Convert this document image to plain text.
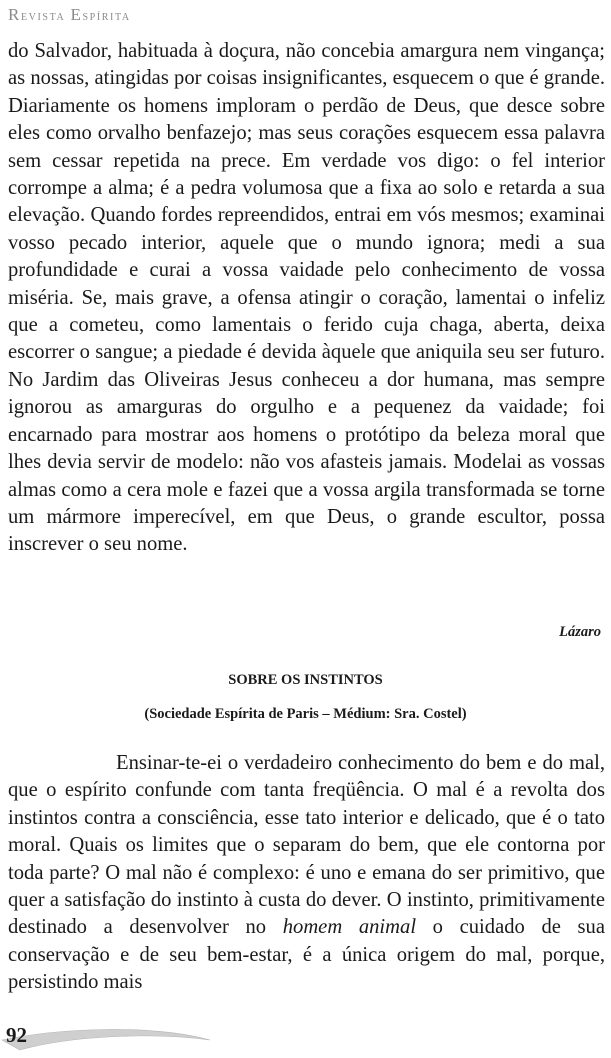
Revista Espírita

do Salvador, habituada à doçura, não concebia amargura nem vingança; as nossas, atingidas por coisas insignificantes, esquecem o que é grande. Diariamente os homens imploram o perdão de Deus, que desce sobre eles como orvalho benfazejo; mas seus corações esquecem essa palavra sem cessar repetida na prece. Em verdade vos digo: o fel interior corrompe a alma; é a pedra volumosa que a fixa ao solo e retarda a sua elevação. Quando fordes repreendidos, entrai em vós mesmos; examinai vosso pecado interior, aquele que o mundo ignora; medi a sua profundidade e curai a vossa vaidade pelo conhecimento de vossa miséria. Se, mais grave, a ofensa atingir o coração, lamentai o infeliz que a cometeu, como lamentais o ferido cuja chaga, aberta, deixa escorrer o sangue; a piedade é devida àquele que aniquila seu ser futuro. No Jardim das Oliveiras Jesus conheceu a dor humana, mas sempre ignorou as amarguras do orgulho e a pequenez da vaidade; foi encarnado para mostrar aos homens o protótipo da beleza moral que lhes devia servir de modelo: não vos afasteis jamais. Modelai as vossas almas como a cera mole e fazei que a vossa argila transformada se torne um mármore imperecível, em que Deus, o grande escultor, possa inscrever o seu nome.

Lázaro
SOBRE OS INSTINTOS
(Sociedade Espírita de Paris – Médium: Sra. Costel)

Ensinar-te-ei o verdadeiro conhecimento do bem e do mal, que o espírito confunde com tanta freqüência. O mal é a revolta dos instintos contra a consciência, esse tato interior e delicado, que é o tato moral. Quais os limites que o separam do bem, que ele contorna por toda parte? O mal não é complexo: é uno e emana do ser primitivo, que quer a satisfação do instinto à custa do dever. O instinto, primitivamente destinado a desenvolver no homem animal o cuidado de sua conservação e de seu bem-estar, é a única origem do mal, porque, persistindo mais

92
